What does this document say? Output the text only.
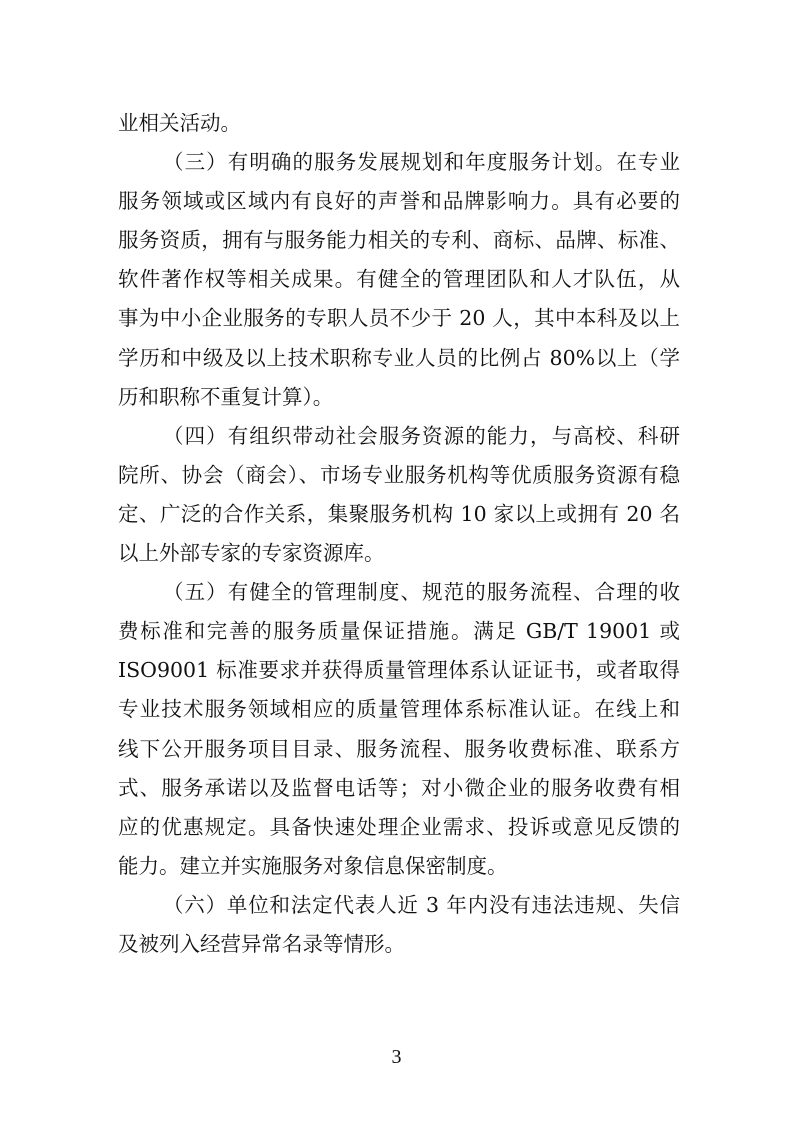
业相关活动。
（三）有明确的服务发展规划和年度服务计划。在专业
服务领域或区域内有良好的声誉和品牌影响力。具有必要的
服务资质，拥有与服务能力相关的专利、商标、品牌、标准、
软件著作权等相关成果。有健全的管理团队和人才队伍，从
事为中小企业服务的专职人员不少于 20 人，其中本科及以上
学历和中级及以上技术职称专业人员的比例占 80%以上（学
历和职称不重复计算）。
（四）有组织带动社会服务资源的能力，与高校、科研
院所、协会（商会）、市场专业服务机构等优质服务资源有稳
定、广泛的合作关系，集聚服务机构 10 家以上或拥有 20 名
以上外部专家的专家资源库。
（五）有健全的管理制度、规范的服务流程、合理的收
费标准和完善的服务质量保证措施。满足 GB/T 19001 或
ISO9001 标准要求并获得质量管理体系认证证书，或者取得
专业技术服务领域相应的质量管理体系标准认证。在线上和
线下公开服务项目目录、服务流程、服务收费标准、联系方
式、服务承诺以及监督电话等；对小微企业的服务收费有相
应的优惠规定。具备快速处理企业需求、投诉或意见反馈的
能力。建立并实施服务对象信息保密制度。
（六）单位和法定代表人近 3 年内没有违法违规、失信
及被列入经营异常名录等情形。
3
